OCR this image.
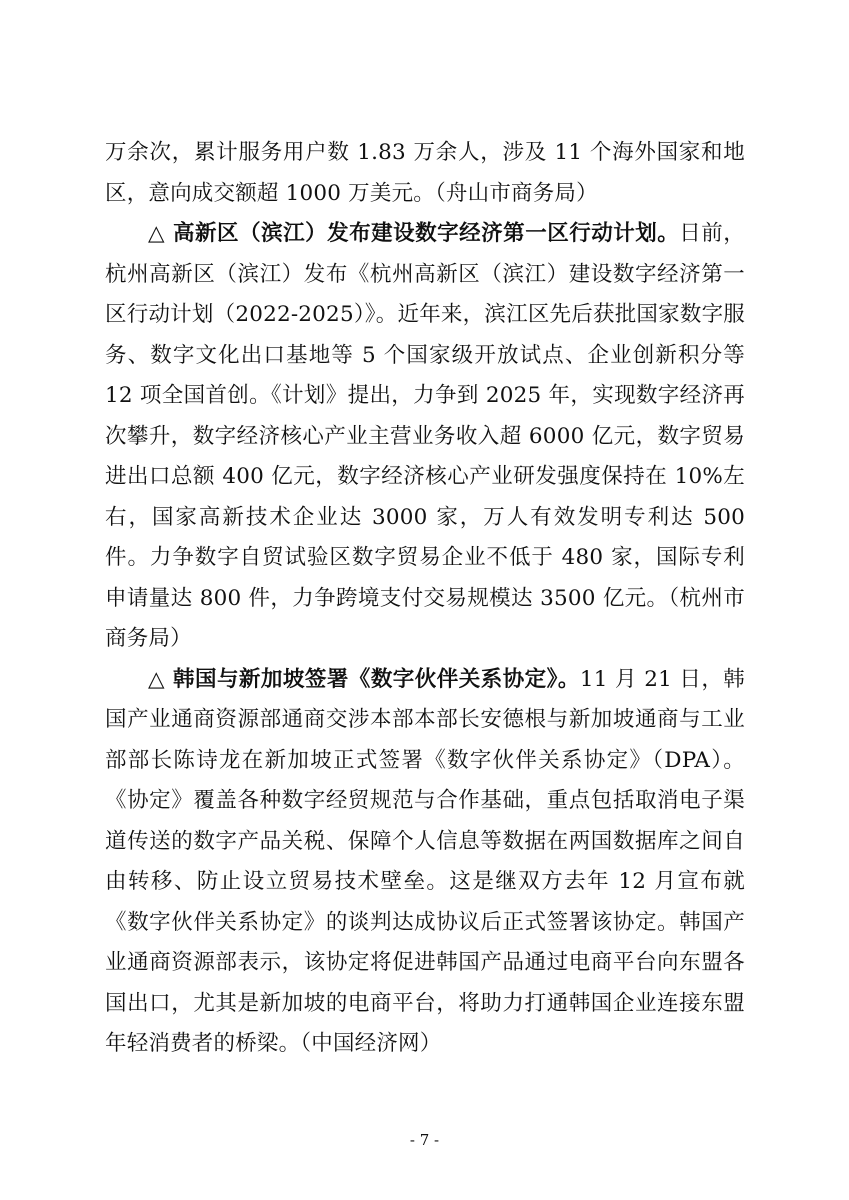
万余次，累计服务用户数 1.83 万余人，涉及 11 个海外国家和地区，意向成交额超 1000 万美元。（舟山市商务局）

△ 高新区（滨江）发布建设数字经济第一区行动计划。日前，杭州高新区（滨江）发布《杭州高新区（滨江）建设数字经济第一区行动计划（2022-2025）》。近年来，滨江区先后获批国家数字服务、数字文化出口基地等 5 个国家级开放试点、企业创新积分等 12 项全国首创。《计划》提出，力争到 2025 年，实现数字经济再次攀升，数字经济核心产业主营业务收入超 6000 亿元，数字贸易进出口总额 400 亿元，数字经济核心产业研发强度保持在 10%左右，国家高新技术企业达 3000 家，万人有效发明专利达 500 件。力争数字自贸试验区数字贸易企业不低于 480 家，国际专利申请量达 800 件，力争跨境支付交易规模达 3500 亿元。（杭州市商务局）

△ 韩国与新加坡签署《数字伙伴关系协定》。11 月 21 日，韩国产业通商资源部通商交涉本部本部长安德根与新加坡通商与工业部部长陈诗龙在新加坡正式签署《数字伙伴关系协定》（DPA）。《协定》覆盖各种数字经贸规范与合作基础，重点包括取消电子渠道传送的数字产品关税、保障个人信息等数据在两国数据库之间自由转移、防止设立贸易技术壁垒。这是继双方去年 12 月宣布就《数字伙伴关系协定》的谈判达成协议后正式签署该协定。韩国产业通商资源部表示，该协定将促进韩国产品通过电商平台向东盟各国出口，尤其是新加坡的电商平台，将助力打通韩国企业连接东盟年轻消费者的桥梁。（中国经济网）

- 7 -
